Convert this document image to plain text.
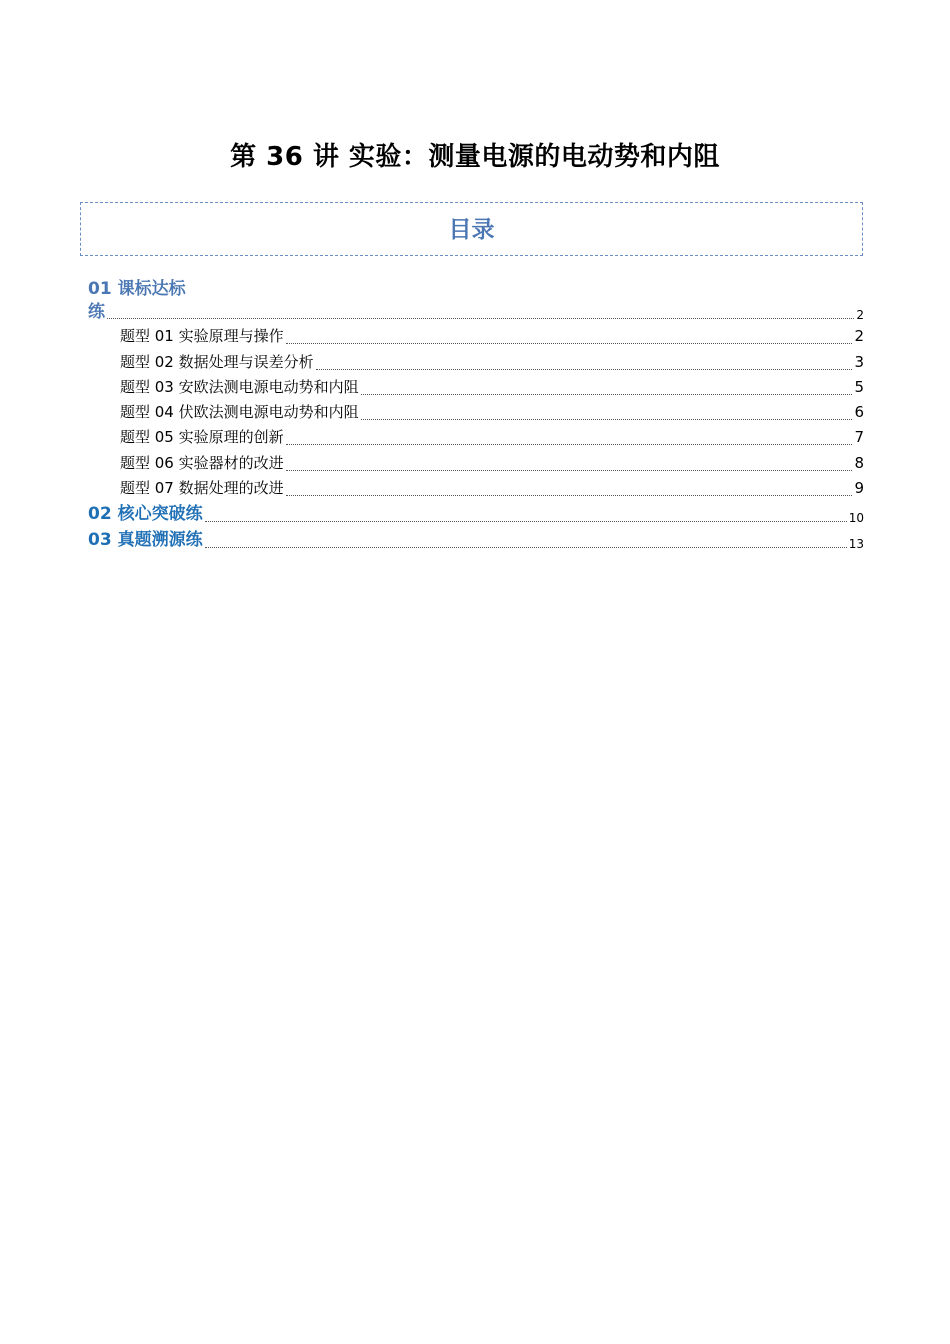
第 36 讲 实验：测量电源的电动势和内阻
目录
01 课标达标
练	2
题型 01 实验原理与操作	2
题型 02 数据处理与误差分析	3
题型 03 安欧法测电源电动势和内阻	5
题型 04 伏欧法测电源电动势和内阻	6
题型 05 实验原理的创新	7
题型 06 实验器材的改进	8
题型 07 数据处理的改进	9
02 核心突破练	10
03 真题溯源练	13
